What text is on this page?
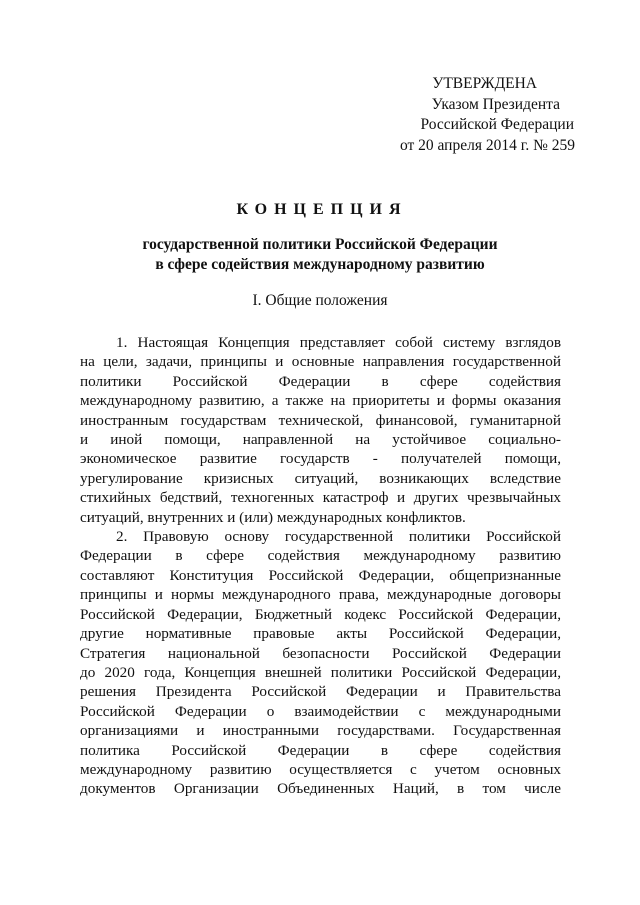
УТВЕРЖДЕНА
Указом Президента
Российской Федерации
от 20 апреля 2014 г. № 259
КОНЦЕПЦИЯ
государственной политики Российской Федерации
в сфере содействия международному развитию
I. Общие положения
1. Настоящая Концепция представляет собой систему взглядов
на цели, задачи, принципы и основные направления государственной
политики Российской Федерации в сфере содействия
международному развитию, а также на приоритеты и формы оказания
иностранным государствам технической, финансовой, гуманитарной
и иной помощи, направленной на устойчивое социально-
экономическое развитие государств - получателей помощи,
урегулирование кризисных ситуаций, возникающих вследствие
стихийных бедствий, техногенных катастроф и других чрезвычайных
ситуаций, внутренних и (или) международных конфликтов.
2. Правовую основу государственной политики Российской
Федерации в сфере содействия международному развитию
составляют Конституция Российской Федерации, общепризнанные
принципы и нормы международного права, международные договоры
Российской Федерации, Бюджетный кодекс Российской Федерации,
другие нормативные правовые акты Российской Федерации,
Стратегия национальной безопасности Российской Федерации
до 2020 года, Концепция внешней политики Российской Федерации,
решения Президента Российской Федерации и Правительства
Российской Федерации о взаимодействии с международными
организациями и иностранными государствами. Государственная
политика Российской Федерации в сфере содействия
международному развитию осуществляется с учетом основных
документов Организации Объединенных Наций, в том числе
